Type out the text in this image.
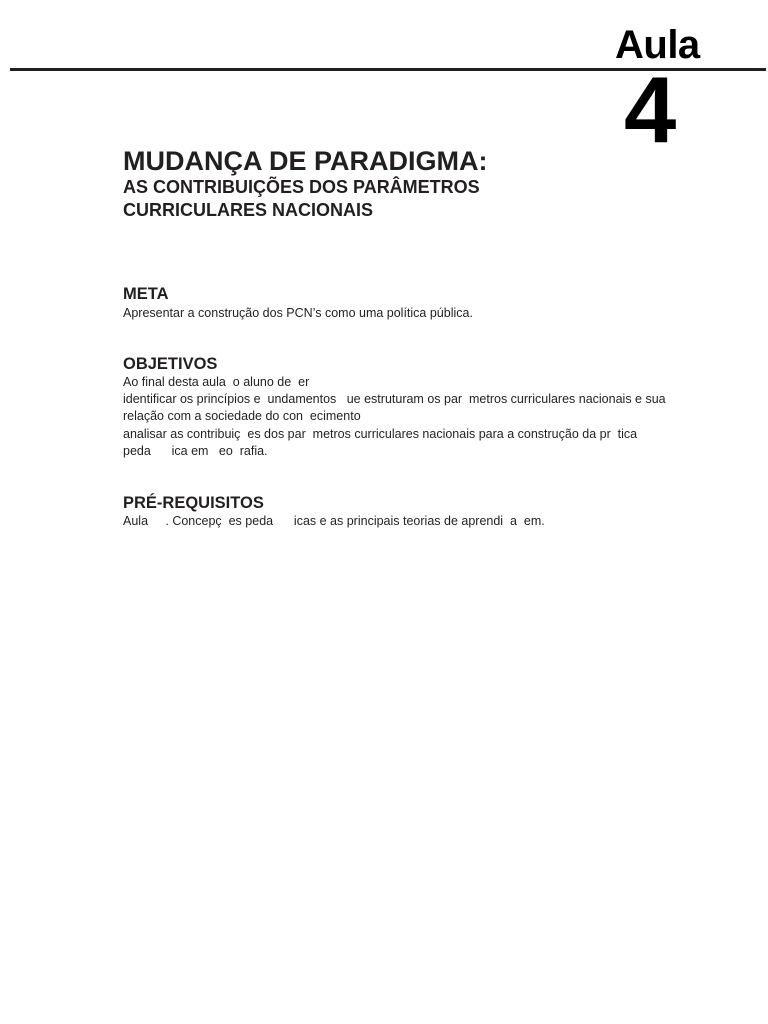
Aula
4
MUDANÇA DE PARADIGMA:
AS CONTRIBUIÇÕES DOS PARÂMETROS
CURRICULARES NACIONAIS
META

Apresentar a construção dos PCN’s como uma política pública.

OBJETIVOS

Ao final desta aula  o aluno de  er

identificar os princípios e  undamentos   ue estruturam os par  metros curriculares nacionais e sua

relação com a sociedade do con  ecimento

analisar as contribuiç  es dos par  metros curriculares nacionais para a construção da pr  tica

peda      ica em   eo  rafia.

PRÉ-REQUISITOS

Aula     . Concepç  es peda      icas e as principais teorias de aprendi  a  em.
